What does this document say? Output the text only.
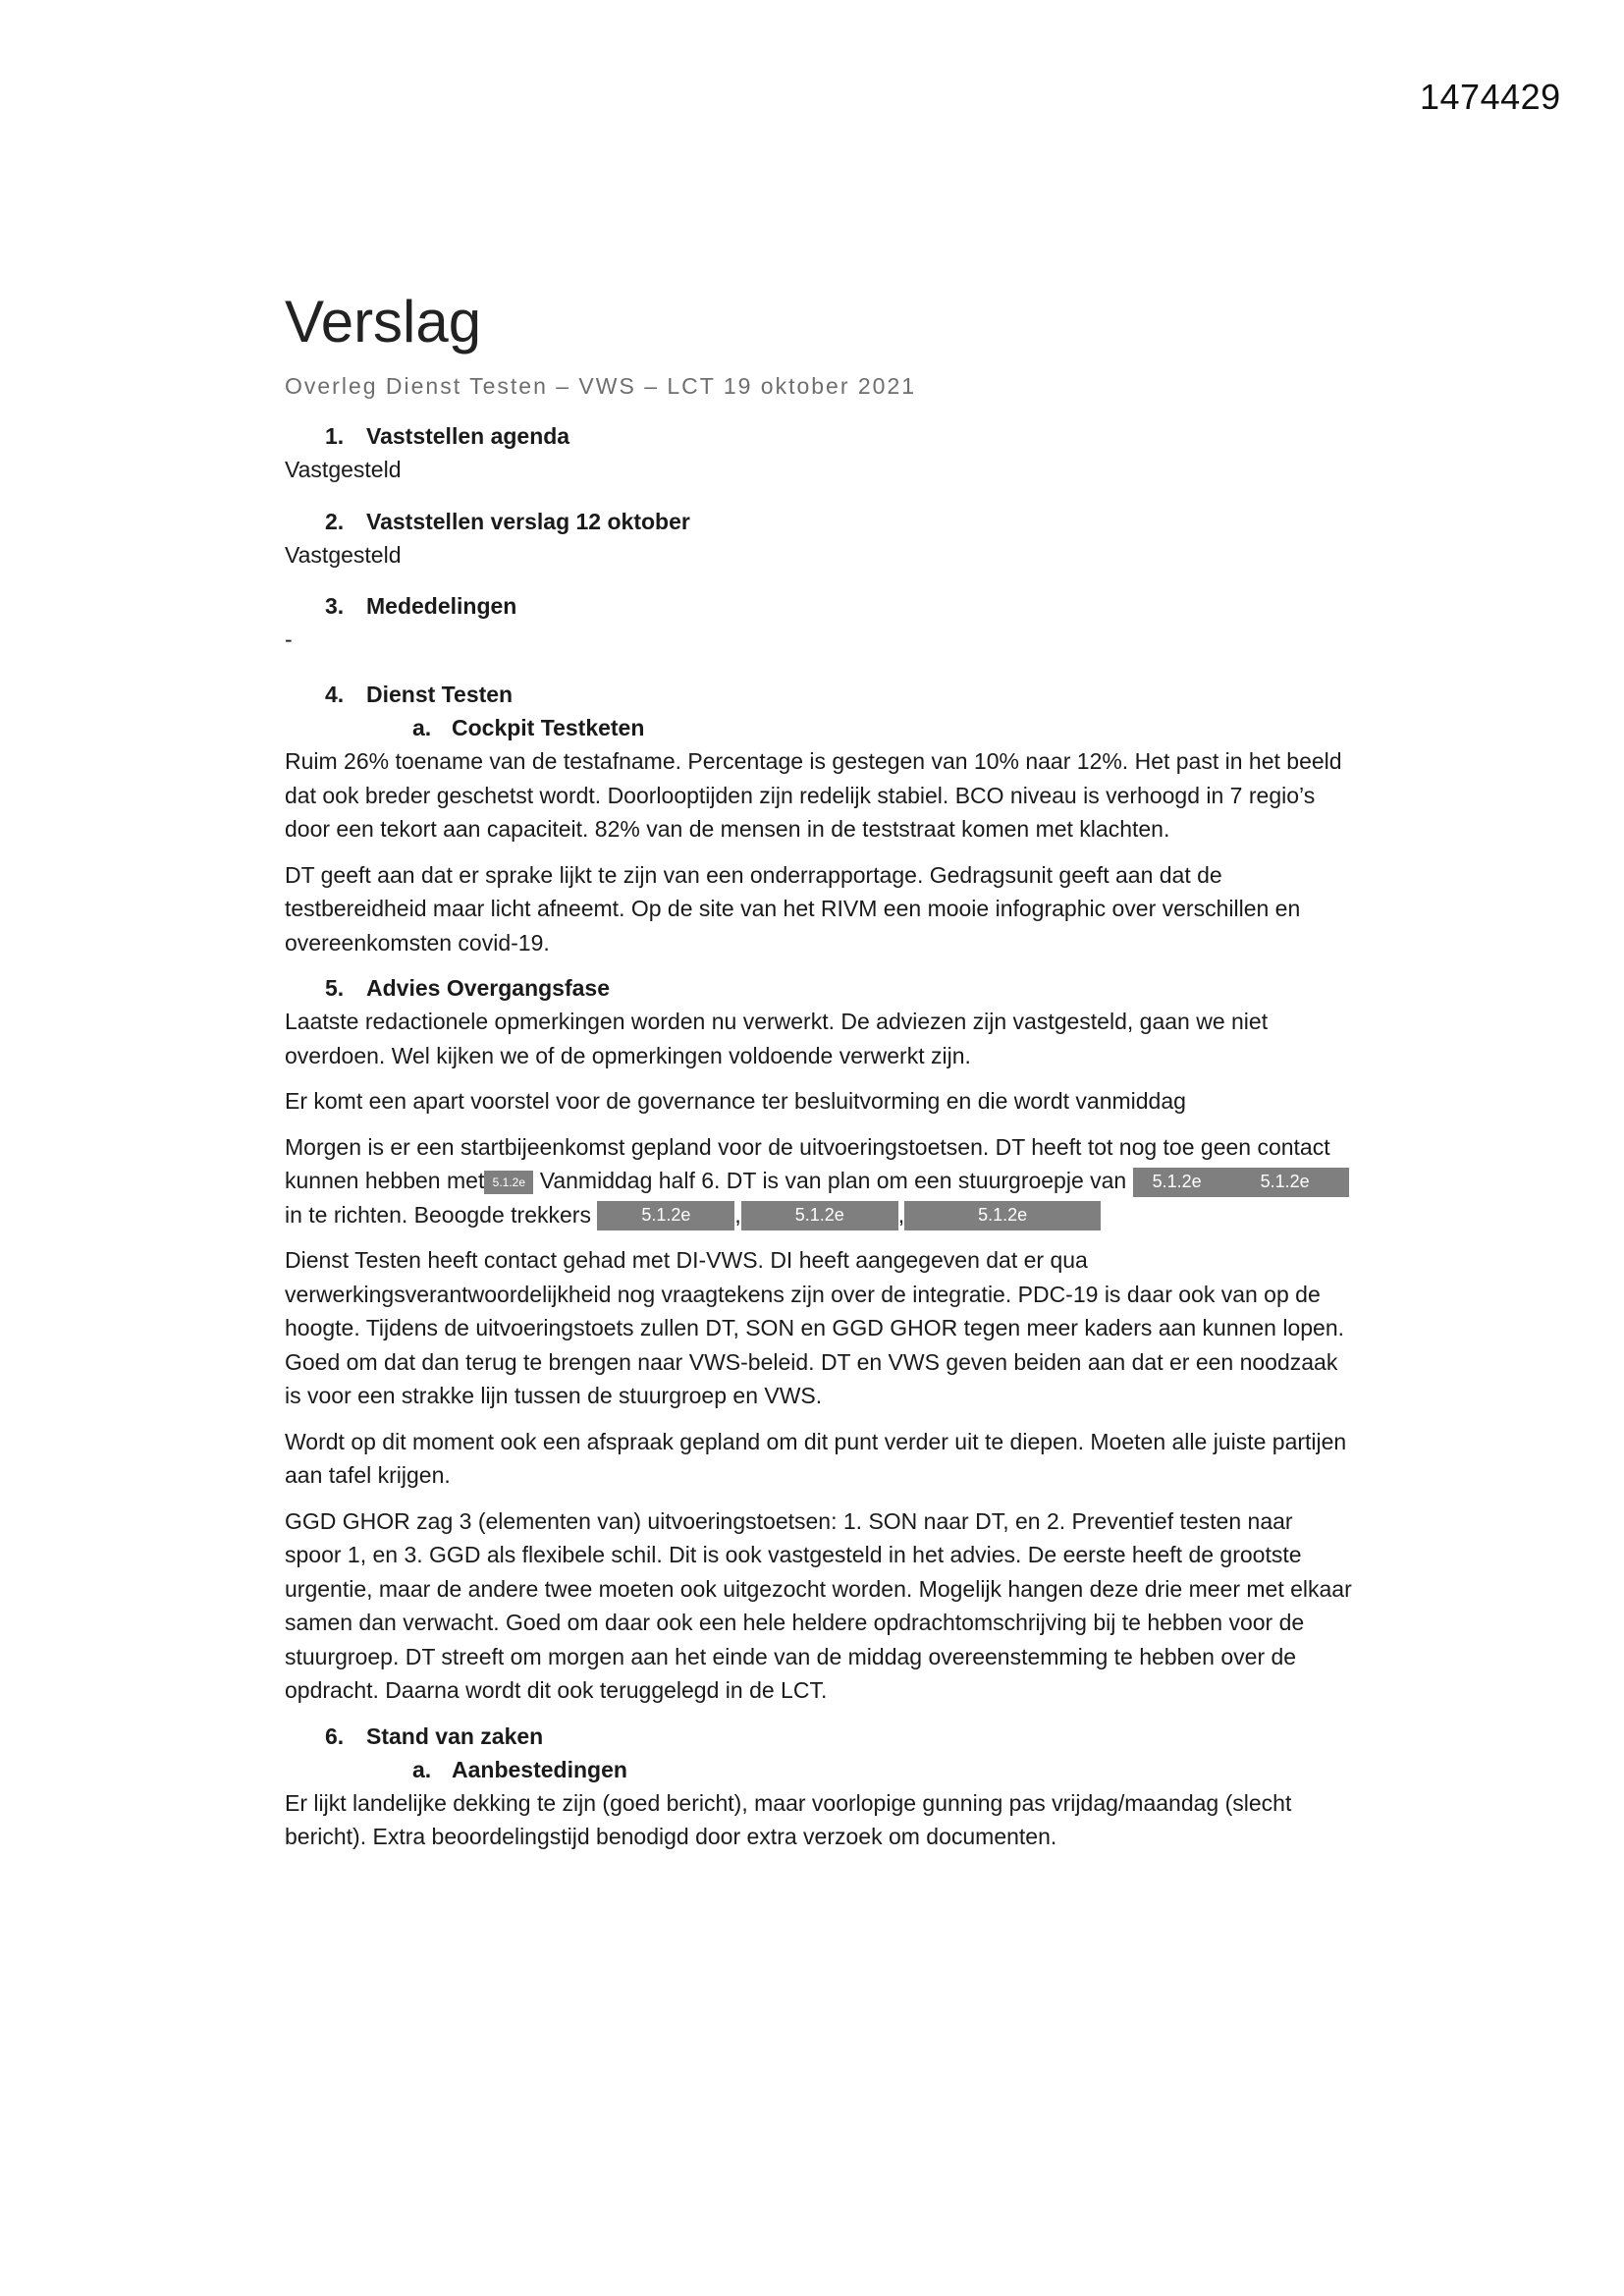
1474429
Verslag
Overleg Dienst Testen – VWS – LCT 19 oktober 2021
1. Vaststellen agenda

Vastgesteld

2. Vaststellen verslag 12 oktober

Vastgesteld

3. Mededelingen

-

4. Dienst Testen
a. Cockpit Testketen

Ruim 26% toename van de testafname. Percentage is gestegen van 10% naar 12%. Het past in het beeld dat ook breder geschetst wordt. Doorlooptijden zijn redelijk stabiel. BCO niveau is verhoogd in 7 regio’s door een tekort aan capaciteit. 82% van de mensen in de teststraat komen met klachten.

DT geeft aan dat er sprake lijkt te zijn van een onderrapportage. Gedragsunit geeft aan dat de testbereidheid maar licht afneemt. Op de site van het RIVM een mooie infographic over verschillen en overeenkomsten covid-19.

5. Advies Overgangsfase

Laatste redactionele opmerkingen worden nu verwerkt. De adviezen zijn vastgesteld, gaan we niet overdoen. Wel kijken we of de opmerkingen voldoende verwerkt zijn.

Er komt een apart voorstel voor de governance ter besluitvorming en die wordt vanmiddag

Morgen is er een startbijeenkomst gepland voor de uitvoeringstoetsen. DT heeft tot nog toe geen contact kunnen hebben met 5.1.2e Vanmiddag half 6. DT is van plan om een stuurgroepje van 5.1.2e	5.1.2e in te richten. Beoogde trekkers 5.1.2e ,	5.1.2e ,	5.1.2e

Dienst Testen heeft contact gehad met DI-VWS. DI heeft aangegeven dat er qua verwerkingsverantwoordelijkheid nog vraagtekens zijn over de integratie. PDC-19 is daar ook van op de hoogte. Tijdens de uitvoeringstoets zullen DT, SON en GGD GHOR tegen meer kaders aan kunnen lopen. Goed om dat dan terug te brengen naar VWS-beleid. DT en VWS geven beiden aan dat er een noodzaak is voor een strakke lijn tussen de stuurgroep en VWS.

Wordt op dit moment ook een afspraak gepland om dit punt verder uit te diepen. Moeten alle juiste partijen aan tafel krijgen.

GGD GHOR zag 3 (elementen van) uitvoeringstoetsen: 1. SON naar DT, en 2. Preventief testen naar spoor 1, en 3. GGD als flexibele schil. Dit is ook vastgesteld in het advies. De eerste heeft de grootste urgentie, maar de andere twee moeten ook uitgezocht worden. Mogelijk hangen deze drie meer met elkaar samen dan verwacht. Goed om daar ook een hele heldere opdrachtomschrijving bij te hebben voor de stuurgroep. DT streeft om morgen aan het einde van de middag overeenstemming te hebben over de opdracht. Daarna wordt dit ook teruggelegd in de LCT.

6. Stand van zaken
a. Aanbestedingen

Er lijkt landelijke dekking te zijn (goed bericht), maar voorlopige gunning pas vrijdag/maandag (slecht bericht). Extra beoordelingstijd benodigd door extra verzoek om documenten.
